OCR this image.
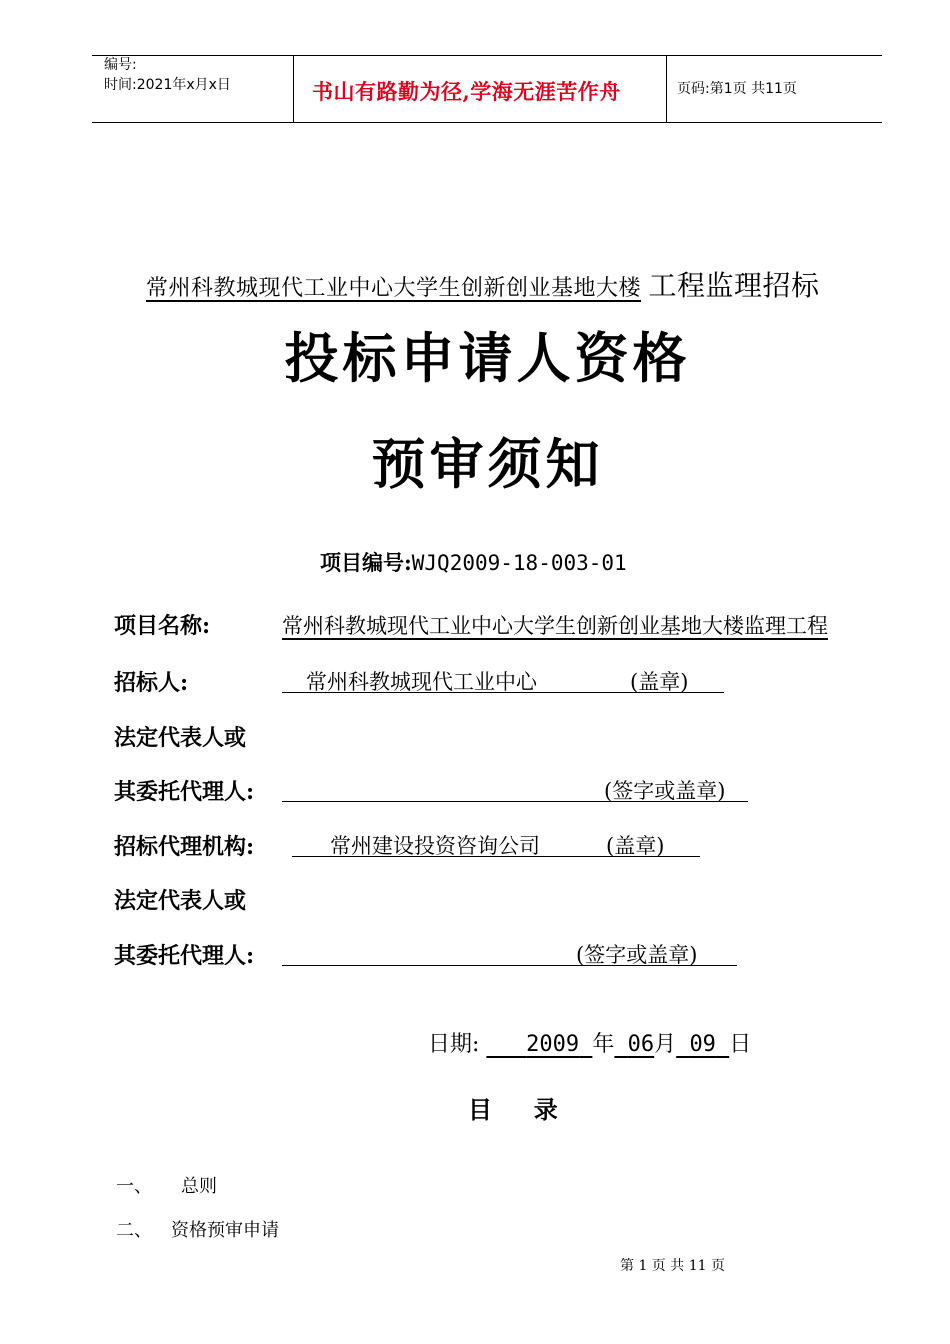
编号:
时间:2021年x月x日	书山有路勤为径,学海无涯苦作舟	页码:第1页 共11页
常州科教城现代工业中心大学生创新创业基地大楼 工程监理招标
投标申请人资格
预审须知
项目编号:WJQ2009-18-003-01
项目名称:	常州科教城现代工业中心大学生创新创业基地大楼监理工程
招标人:	常州科教城现代工业中心	(盖章)
法定代表人或
其委托代理人:	(签字或盖章)
招标代理机构:	常州建设投资咨询公司	(盖章)
法定代表人或
其委托代理人:	(签字或盖章)
日期: 2009 年 06月 09 日
目     录
一、 总则
二、 资格预审申请
第 1 页 共 11 页
